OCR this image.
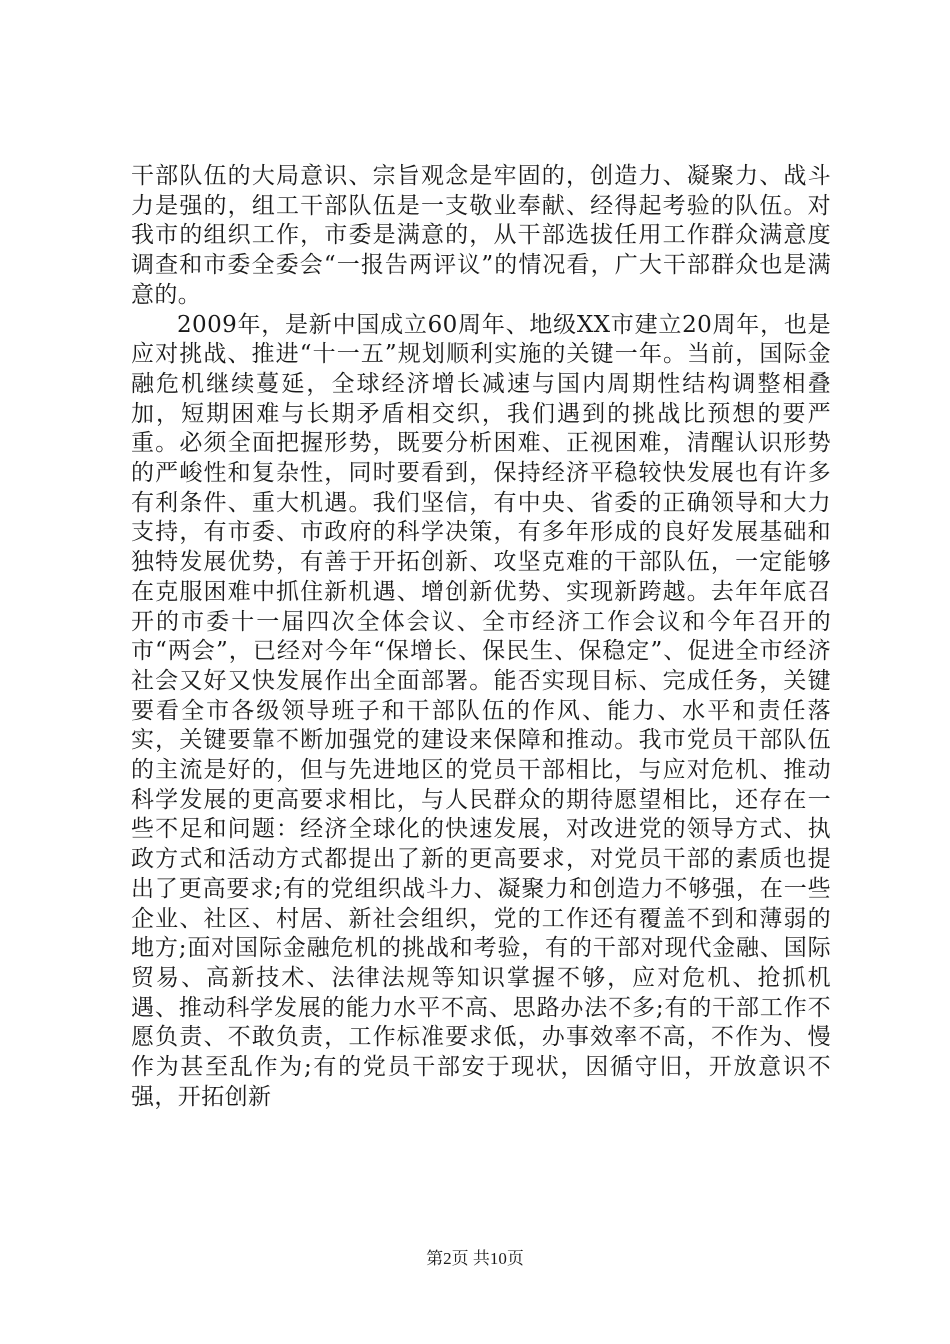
干部队伍的大局意识、宗旨观念是牢固的，创造力、凝聚力、战斗力是强的，组工干部队伍是一支敬业奉献、经得起考验的队伍。对我市的组织工作，市委是满意的，从干部选拔任用工作群众满意度调查和市委全委会“一报告两评议”的情况看，广大干部群众也是满意的。

2009年，是新中国成立60周年、地级XX市建立20周年，也是应对挑战、推进“十一五”规划顺利实施的关键一年。当前，国际金融危机继续蔓延，全球经济增长减速与国内周期性结构调整相叠加，短期困难与长期矛盾相交织，我们遇到的挑战比预想的要严重。必须全面把握形势，既要分析困难、正视困难，清醒认识形势的严峻性和复杂性，同时要看到，保持经济平稳较快发展也有许多有利条件、重大机遇。我们坚信，有中央、省委的正确领导和大力支持，有市委、市政府的科学决策，有多年形成的良好发展基础和独特发展优势，有善于开拓创新、攻坚克难的干部队伍，一定能够在克服困难中抓住新机遇、增创新优势、实现新跨越。去年年底召开的市委十一届四次全体会议、全市经济工作会议和今年召开的市“两会”，已经对今年“保增长、保民生、保稳定”、促进全市经济社会又好又快发展作出全面部署。能否实现目标、完成任务，关键要看全市各级领导班子和干部队伍的作风、能力、水平和责任落实，关键要靠不断加强党的建设来保障和推动。我市党员干部队伍的主流是好的，但与先进地区的党员干部相比，与应对危机、推动科学发展的更高要求相比，与人民群众的期待愿望相比，还存在一些不足和问题：经济全球化的快速发展，对改进党的领导方式、执政方式和活动方式都提出了新的更高要求，对党员干部的素质也提出了更高要求;有的党组织战斗力、凝聚力和创造力不够强，在一些企业、社区、村居、新社会组织，党的工作还有覆盖不到和薄弱的地方;面对国际金融危机的挑战和考验，有的干部对现代金融、国际贸易、高新技术、法律法规等知识掌握不够，应对危机、抢抓机遇、推动科学发展的能力水平不高、思路办法不多;有的干部工作不愿负责、不敢负责，工作标准要求低，办事效率不高，不作为、慢作为甚至乱作为;有的党员干部安于现状，因循守旧，开放意识不强，开拓创新

第2页 共10页
